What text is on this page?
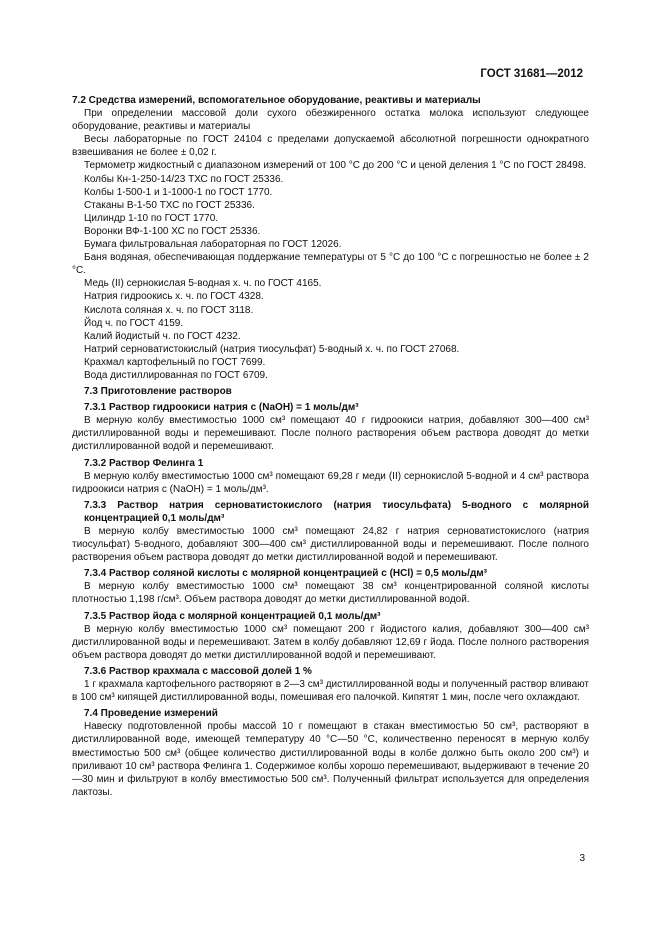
ГОСТ 31681—2012

7.2 Средства измерений, вспомогательное оборудование, реактивы и материалы

При определении массовой доли сухого обезжиренного остатка молока используют следующее оборудование, реактивы и материалы

Весы лабораторные по ГОСТ 24104 с пределами допускаемой абсолютной погрешности однократного взвешивания не более ± 0,02 г.

Термометр жидкостный с диапазоном измерений от 100 °С до 200 °С и ценой деления 1 °С по ГОСТ 28498.

Колбы Кн-1-250-14/23 ТХС по ГОСТ 25336.

Колбы 1-500-1 и 1-1000-1 по ГОСТ 1770.

Стаканы В-1-50 ТХС по ГОСТ 25336.

Цилиндр 1-10 по ГОСТ 1770.

Воронки ВФ-1-100 ХС по ГОСТ 25336.

Бумага фильтровальная лабораторная по ГОСТ 12026.

Баня водяная, обеспечивающая поддержание температуры от 5 °С до 100 °С с погрешностью не более ± 2 °С.

Медь (II) сернокислая 5-водная х. ч. по ГОСТ 4165.

Натрия гидроокись х. ч. по ГОСТ 4328.

Кислота соляная х. ч. по ГОСТ 3118.

Йод ч. по ГОСТ 4159.

Калий йодистый ч. по ГОСТ 4232.

Натрий серноватистокислый (натрия тиосульфат) 5-водный х. ч. по ГОСТ 27068.

Крахмал картофельный по ГОСТ 7699.

Вода дистиллированная по ГОСТ 6709.

7.3 Приготовление растворов

7.3.1 Раствор гидроокиси натрия c (NaOH) = 1 моль/дм³

В мерную колбу вместимостью 1000 см³ помещают 40 г гидроокиси натрия, добавляют 300—400 см³ дистиллированной воды и перемешивают. После полного растворения объем раствора доводят до метки дистиллированной водой и перемешивают.

7.3.2 Раствор Фелинга 1

В мерную колбу вместимостью 1000 см³ помещают 69,28 г меди (II) сернокислой 5-водной и 4 см³ раствора гидроокиси натрия c (NaOH) = 1 моль/дм³.

7.3.3 Раствор натрия серноватистокислого (натрия тиосульфата) 5-водного с молярной концентрацией 0,1 моль/дм³

В мерную колбу вместимостью 1000 см³ помещают 24,82 г натрия серноватистокислого (натрия тиосульфат) 5-водного, добавляют 300—400 см³ дистиллированной воды и перемешивают. После полного растворения объем раствора доводят до метки дистиллированной водой и перемешивают.

7.3.4 Раствор соляной кислоты с молярной концентрацией c (HCl) = 0,5 моль/дм³

В мерную колбу вместимостью 1000 см³ помещают 38 см³ концентрированной соляной кислоты плотностью 1,198 г/см³. Объем раствора доводят до метки дистиллированной водой.

7.3.5 Раствор йода с молярной концентрацией 0,1 моль/дм³

В мерную колбу вместимостью 1000 см³ помещают 200 г йодистого калия, добавляют 300—400 см³ дистиллированной воды и перемешивают. Затем в колбу добавляют 12,69 г йода. После полного растворения объем раствора доводят до метки дистиллированной водой и перемешивают.

7.3.6 Раствор крахмала с массовой долей 1 %

1 г крахмала картофельного растворяют в 2—3 см³ дистиллированной воды и полученный раствор вливают в 100 см³ кипящей дистиллированной воды, помешивая его палочкой. Кипятят 1 мин, после чего охлаждают.

7.4 Проведение измерений

Навеску подготовленной пробы массой 10 г помещают в стакан вместимостью 50 см³, растворяют в дистиллированной воде, имеющей температуру 40 °С—50 °С, количественно переносят в мерную колбу вместимостью 500 см³ (общее количество дистиллированной воды в колбе должно быть около 200 см³) и приливают 10 см³ раствора Фелинга 1. Содержимое колбы хорошо перемешивают, выдерживают в течение 20—30 мин и фильтруют в колбу вместимостью 500 см³. Полученный фильтрат используется для определения лактозы.

3
